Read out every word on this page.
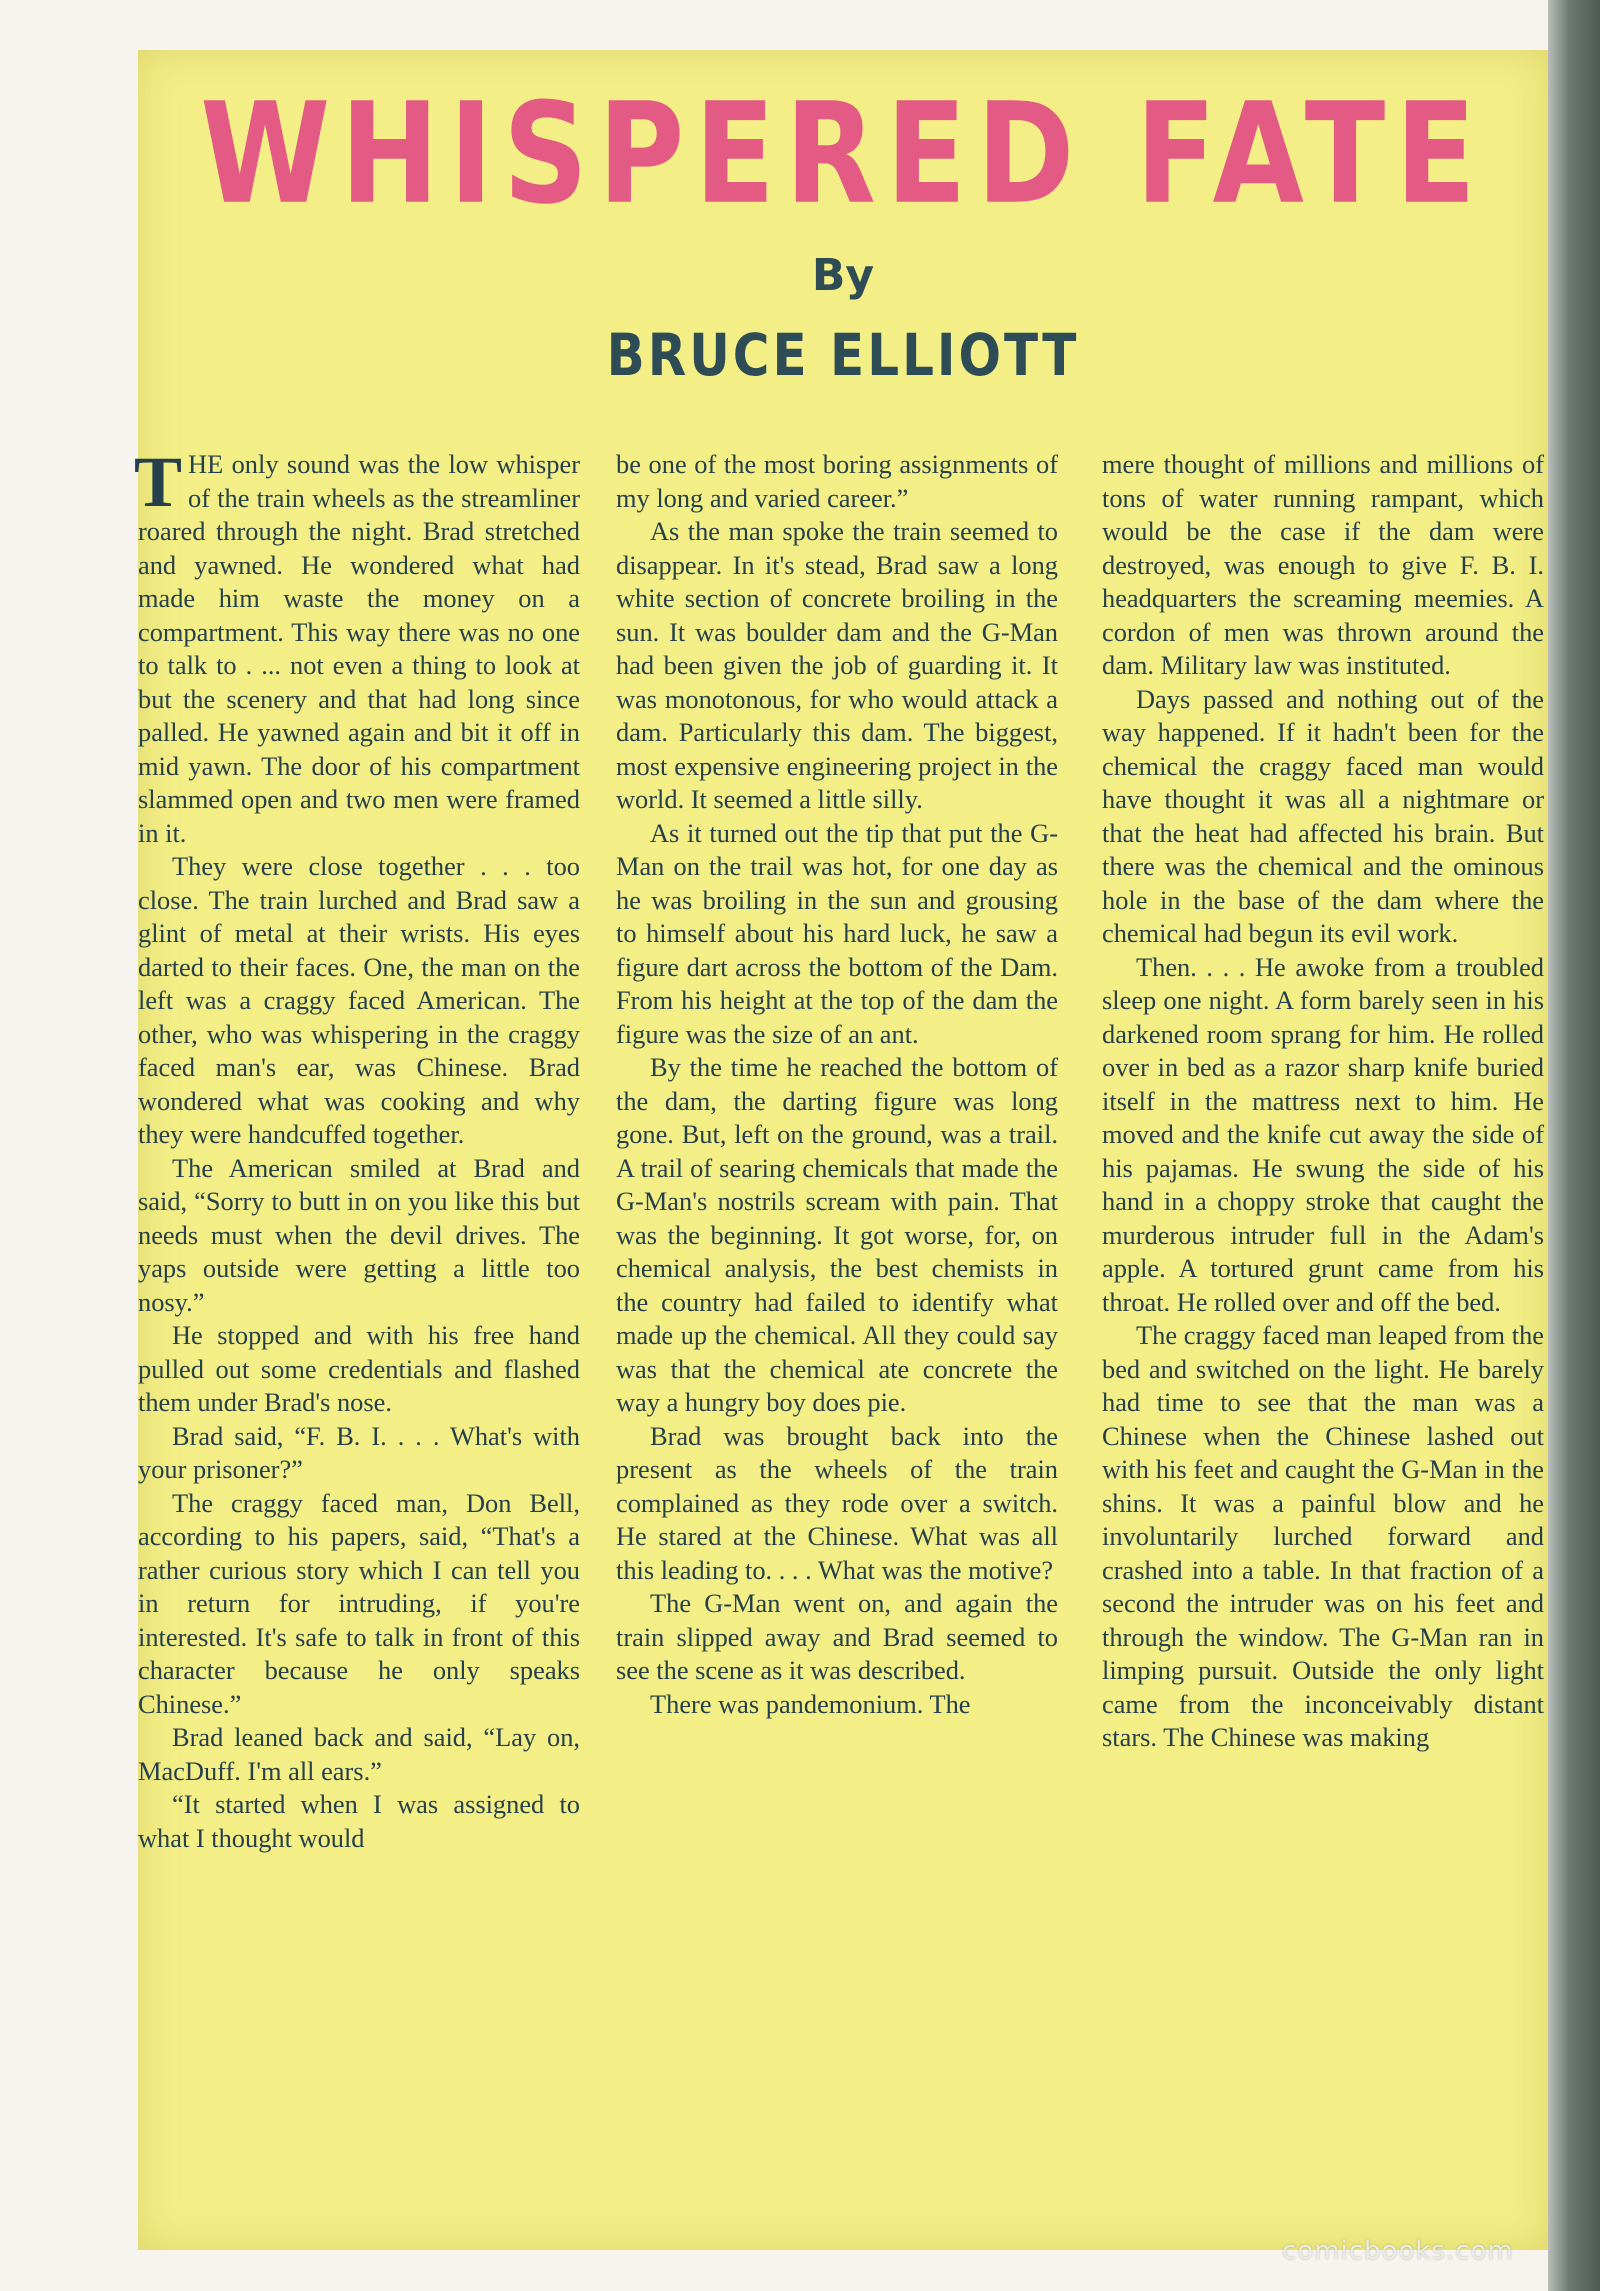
WHISPERED FATE
By
BRUCE ELLIOTT

THE only sound was the low whisper of the train wheels as the streamliner roared through the night. Brad stretched and yawned. He wondered what had made him waste the money on a compartment. This way there was no one to talk to . ... not even a thing to look at but the scenery and that had long since palled. He yawned again and bit it off in mid yawn. The door of his compartment slammed open and two men were framed in it.

They were close together . . . too close. The train lurched and Brad saw a glint of metal at their wrists. His eyes darted to their faces. One, the man on the left was a craggy faced American. The other, who was whispering in the craggy faced man's ear, was Chinese. Brad wondered what was cooking and why they were handcuffed together.

The American smiled at Brad and said, “Sorry to butt in on you like this but needs must when the devil drives. The yaps outside were getting a little too nosy.”

He stopped and with his free hand pulled out some credentials and flashed them under Brad's nose.

Brad said, “F. B. I. . . . What's with your prisoner?”

The craggy faced man, Don Bell, according to his papers, said, “That's a rather curious story which I can tell you in return for intruding, if you're interested. It's safe to talk in front of this character because he only speaks Chinese.”

Brad leaned back and said, “Lay on, MacDuff. I'm all ears.”

“It started when I was assigned to what I thought would

be one of the most boring assignments of my long and varied career.”

As the man spoke the train seemed to disappear. In it's stead, Brad saw a long white section of concrete broiling in the sun. It was boulder dam and the G-Man had been given the job of guarding it. It was monotonous, for who would attack a dam. Particularly this dam. The biggest, most expensive engineering project in the world. It seemed a little silly.

As it turned out the tip that put the G-Man on the trail was hot, for one day as he was broiling in the sun and grousing to himself about his hard luck, he saw a figure dart across the bottom of the Dam. From his height at the top of the dam the figure was the size of an ant.

By the time he reached the bottom of the dam, the darting figure was long gone. But, left on the ground, was a trail. A trail of searing chemicals that made the G-Man's nostrils scream with pain. That was the beginning. It got worse, for, on chemical analysis, the best chemists in the country had failed to identify what made up the chemical. All they could say was that the chemical ate concrete the way a hungry boy does pie.

Brad was brought back into the present as the wheels of the train complained as they rode over a switch. He stared at the Chinese. What was all this leading to. . . . What was the motive?

The G-Man went on, and again the train slipped away and Brad seemed to see the scene as it was described.

There was pandemonium. The

mere thought of millions and millions of tons of water running rampant, which would be the case if the dam were destroyed, was enough to give F. B. I. headquarters the screaming meemies. A cordon of men was thrown around the dam. Military law was instituted.

Days passed and nothing out of the way happened. If it hadn't been for the chemical the craggy faced man would have thought it was all a nightmare or that the heat had affected his brain. But there was the chemical and the ominous hole in the base of the dam where the chemical had begun its evil work.

Then. . . . He awoke from a troubled sleep one night. A form barely seen in his darkened room sprang for him. He rolled over in bed as a razor sharp knife buried itself in the mattress next to him. He moved and the knife cut away the side of his pajamas. He swung the side of his hand in a choppy stroke that caught the murderous intruder full in the Adam's apple. A tortured grunt came from his throat. He rolled over and off the bed.

The craggy faced man leaped from the bed and switched on the light. He barely had time to see that the man was a Chinese when the Chinese lashed out with his feet and caught the G-Man in the shins. It was a painful blow and he involuntarily lurched forward and crashed into a table. In that fraction of a second the intruder was on his feet and through the window. The G-Man ran in limping pursuit. Outside the only light came from the inconceivably distant stars. The Chinese was making

comicbooks.com
